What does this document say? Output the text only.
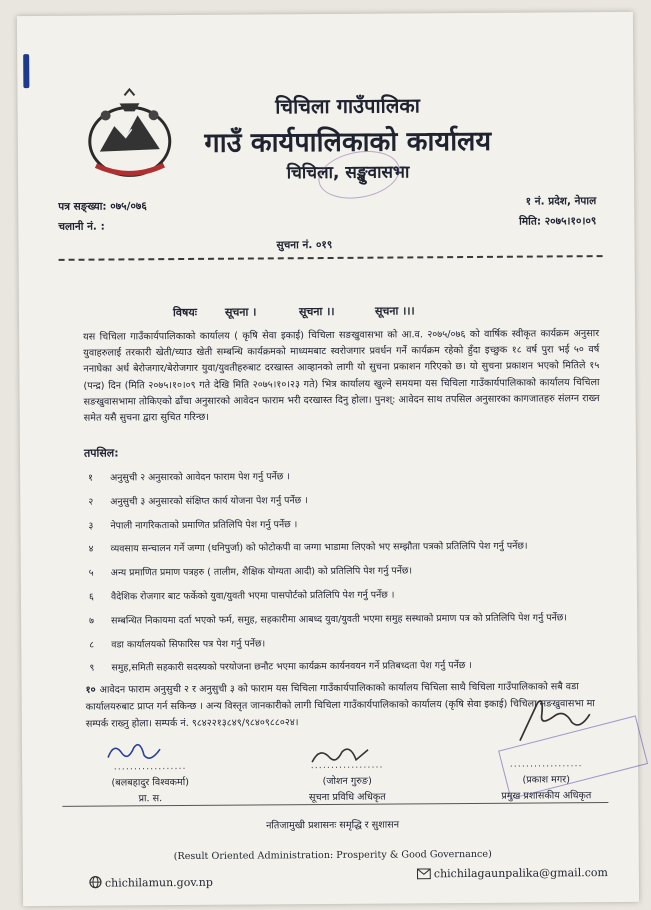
चिचिला गाउँपालिका
गाउँ कार्यपालिकाको कार्यालय
चिचिला, सङ्खुवासभा
पत्र सङ्ख्या: ०७५/०७६
चलानी नं. :
१ नं. प्रदेश, नेपाल
मिति: २०७५।१०।०९
सुचना नं. ०१९
विषयः	सूचना ।	सूचना ।।	सूचना ।।।
यस चिचिला गाउँकार्यपालिकाको कार्यालय ( कृषि सेवा इकाई) चिचिला सङखुवासभा को आ.व. २०७५/०७६ को वार्षिक स्वीकृत कार्यक्रम अनुसार युवाहरुलाई तरकारी खेती/च्याउ खेती सम्बन्धि कार्यक्रमको माध्यमबाट स्वरोजगार प्रवर्धन गर्ने कार्यक्रम रहेको हुँदा इच्छुक १८ वर्ष पुरा भई ५० वर्ष ननाघेका अर्ध बेरोजगार/बेरोजगार युवा/युवतीहरुबाट दरखास्त आव्हानको लागी यो सुचना प्रकाशन गरिएको छ। यो सुचना प्रकाशन भएको मितिले १५ (पन्द्र) दिन (मिति २०७५।१०।०९ गते देखि मिति २०७५।१०।२३ गते) भित्र कार्यालय खुल्ने समयमा यस चिचिला गाउँकार्यपालिकाको कार्यालय चिचिला सङखुवासभामा तोकिएको ढाँचा अनुसारको आवेदन फाराम भरी दरखास्त दिनु होला। पुनश्: आवेदन साथ तपसिल अनुसारका कागजातहरु संलग्न राख्न समेत यसै सुचना द्वारा सुचित गरिन्छ।
तपसिल:
१	अनुसुची २ अनुसारको आवेदन फाराम पेश गर्नु पर्नेछ ।
२	अनुसुची ३ अनुसारको संक्षिप्त कार्य योजना पेश गर्नु पर्नेछ ।
३	नेपाली नागरिकताको प्रमाणित प्रतिलिपि पेश गर्नु पर्नेछ ।
४	व्यवसाय सन्चालन गर्ने जग्गा (धनिपुर्जा) को फोटोकपी वा जग्गा भाडामा लिएको भए सम्झौता पत्रको प्रतिलिपि पेश गर्नु पर्नेछ।
५	अन्य प्रमाणित प्रमाण पत्रहरु ( तालीम, शैक्षिक योग्यता आदी) को प्रतिलिपि पेश गर्नु पर्नेछ।
६	वैदेशिक रोजगार बाट फर्केको युवा/युवती भएमा पासपोर्टको प्रतिलिपि पेश गर्नु पर्नेछ ।
७	सम्बन्धित निकायमा दर्ता भएको फर्म, समुह, सहकारीमा आबध्द युवा/युवती भएमा समुह सस्थाको प्रमाण पत्र को प्रतिलिपि पेश गर्नु पर्नेछ।
८	वडा कार्यालयको सिफारिस पत्र पेश गर्नु पर्नेछ।
९	समुह,समिती सहकारी सदस्यको परयोजना छनौट भएमा कार्यक्रम कार्यनवयन गर्ने प्रतिबध्दता पेश गर्नु पर्नेछ ।
१० आवेदन फाराम अनुसुची २ र अनुसुची ३ को फाराम यस चिचिला गाउँकार्यपालिकाको कार्यालय चिचिला साथै चिचिला गाउँपालिकाको सबै वडा कार्यालयरुबाट प्राप्त गर्न सकिन्छ । अन्य विस्तृत जानकारीको लागी चिचिला गाउँकार्यपालिकाको कार्यालय (कृषि सेवा इकाई) चिचिला सङखुवासभा मा सम्पर्क राख्नु होला। सम्पर्क नं. ९८४२२१३८४९/९८४०९८८०२४।
..................
(बलबहादुर विश्वकर्मा)
प्रा. स.
..................
(जोशन गुरुङ)
सूचना प्रविधि अधिकृत
..................
(प्रकाश मगर)
प्रमुख प्रशासकीय अधिकृत
नतिजामुखी प्रशासनः समृद्धि र सुशासन
(Result Oriented Administration: Prosperity & Good Governance)
chichilamun.gov.np
chichilagaunpalika@gmail.com
